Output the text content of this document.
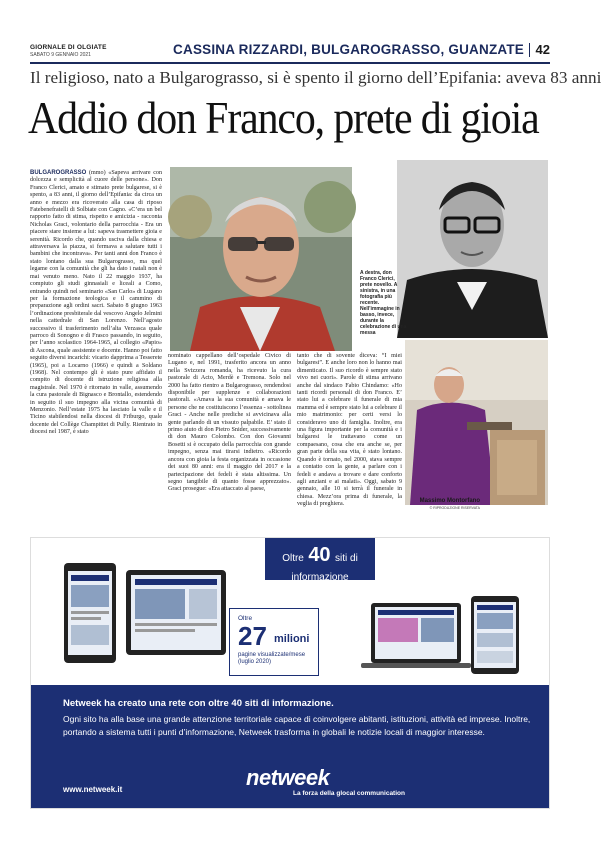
GIORNALE DI OLGIATE
SABATO 9 GENNAIO 2021	CASSINA RIZZARDI, BULGAROGRASSO, GUANZATE 42
Il religioso, nato a Bulgarograsso, si è spento il giorno dell’Epifania: aveva 83 anni
Addio don Franco, prete di gioia

BULGAROGRASSO (mmo) «Sapeva arrivare con dolcezza e semplicità al cuore delle persone». Don Franco Clerici, amato e stimato prete bulgarese, si è spento, a 83 anni, il giorno dell’Epifania: da circa un anno e mezzo era ricoverato alla casa di riposo Fatebenefratelli di Solbiate con Cagno. «C’era un bel rapporto fatto di stima, rispetto e amicizia - racconta Nicholas Graci, volontario della parrocchia - Era un piacere stare insieme a lui: sapeva trasmettere gioia e serenità. Ricordo che, quando usciva dalla chiesa e attraversava la piazza, si fermava a salutare tutti i bambini che incontrava». Per tanti anni don Franco è stato lontano dalla sua Bulgarograsso, ma quel legame con la comunità che gli ha dato i natali non è mai venuto meno. Nato il 22 maggio 1937, ha compiuto gli studi ginnasiali e liceali a Como, entrando quindi nel seminario «San Carlo» di Lugano per la formazione teologica e il cammino di preparazione agli ordini sacri. Sabato 8 giugno 1963 l’ordinazione presbiterale dal vescovo Angelo Jelmini nella cattedrale di San Lorenzo. Nell’agosto successivo il trasferimento nell’alta Verzasca quale parroco di Sonogno e di Frasco passando, in seguito, per l’anno scolastico 1964-1965, al collegio «Papio» di Ascona, quale assistente e docente. Hanno poi fatto seguito diversi incarichi: vicario dapprima a Tesserete (1965), poi a Locarno (1966) e quindi a Soldano (1968). Nel contempo gli è stato pure affidato il compito di docente di istruzione religiosa alla magistrale. Nel 1970 è ritornato in valle, assumendo la cura pastorale di Bignasco e Brontallo, estendendo in seguito il suo impegno alla vicina comunità di Menzonio. Nell’estate 1975 ha lasciato la valle e il Ticino stabilendosi nella diocesi di Friburgo, quale docente del Collège Champittet di Pully. Rientrato in diocesi nel 1987, è stato

nominato cappellano dell’ospedale Civico di Lugano e, nel 1991, trasferito ancora un anno nella Svizzera romanda, ha ricevuto la cura pastorale di Acto, Merdè e Tremona. Solo nel 2000 ha fatto rientro a Bulgarograsso, rendendosi disponibile per supplenze e collaborazioni pastorali. «Amava la sua comunità e amava le persone che ne costituiscono l’essenza - sottolinea Graci - Anche nelle prediche si avvicinava alla gente parlando di un vissuto palpabile. E’ stato il primo aiuto di don Pietro Snider, successivamente di don Mauro Colombo. Con don Giovanni Bosetti si è occupato della parrocchia con grande impegno, senza mai tirarsi indietro. «Ricordo ancora con gioia la festa organizzata in occasione dei suoi 80 anni: era il maggio del 2017 e la partecipazione dei fedeli è stata altissima. Un segno tangibile di quanto fosse apprezzato». Graci prosegue: «Era attaccato al paese,

tanto che di sovente diceva: “I miei bulgaresi”. E anche loro non lo hanno mai dimenticato. Il suo ricordo è sempre stato vivo nei cuori». Parole di stima arrivano anche dal sindaco Fabio Chindamo: «Ho tanti ricordi personali di don Franco. E’ stato lui a celebrare il funerale di mia mamma ed è sempre stato lui a celebrare il mio matrimonio: per certi versi lo consideravo uno di famiglia. Inoltre, era una figura importante per la comunità e i bulgaresi le trattavano come un compaesano, cosa che era anche se, per gran parte della sua vita, è stato lontano. Quando è tornato, nel 2000, stava sempre a contatto con la gente, a parlare con i fedeli e andava a trovare e dare conforto agli anziani e ai malati». Oggi, sabato 9 gennaio, alle 10 si terrà il funerale in chiesa. Mezz’ora prima di funerale, la veglia di preghiera.

A destra, don Franco Clerici, prete novello. A sinistra, in una fotografia più recente. Nell’immagine in basso, invece, durante la celebrazione di una messa
Massimo Montorfano
© RIPRODUZIONE RISERVATA
Oltre 40 siti di informazione
Oltre
27 milioni
pagine visualizzate/mese (luglio 2020)
Netweek ha creato una rete con oltre 40 siti di informazione.
Ogni sito ha alla base una grande attenzione territoriale capace di coinvolgere abitanti, istituzioni, attività ed imprese. Inoltre, portando a sistema tutti i punti d’informazione, Netweek trasforma in globali le notizie locali di maggior interesse.
www.netweek.it	netweek
La forza della glocal communication
